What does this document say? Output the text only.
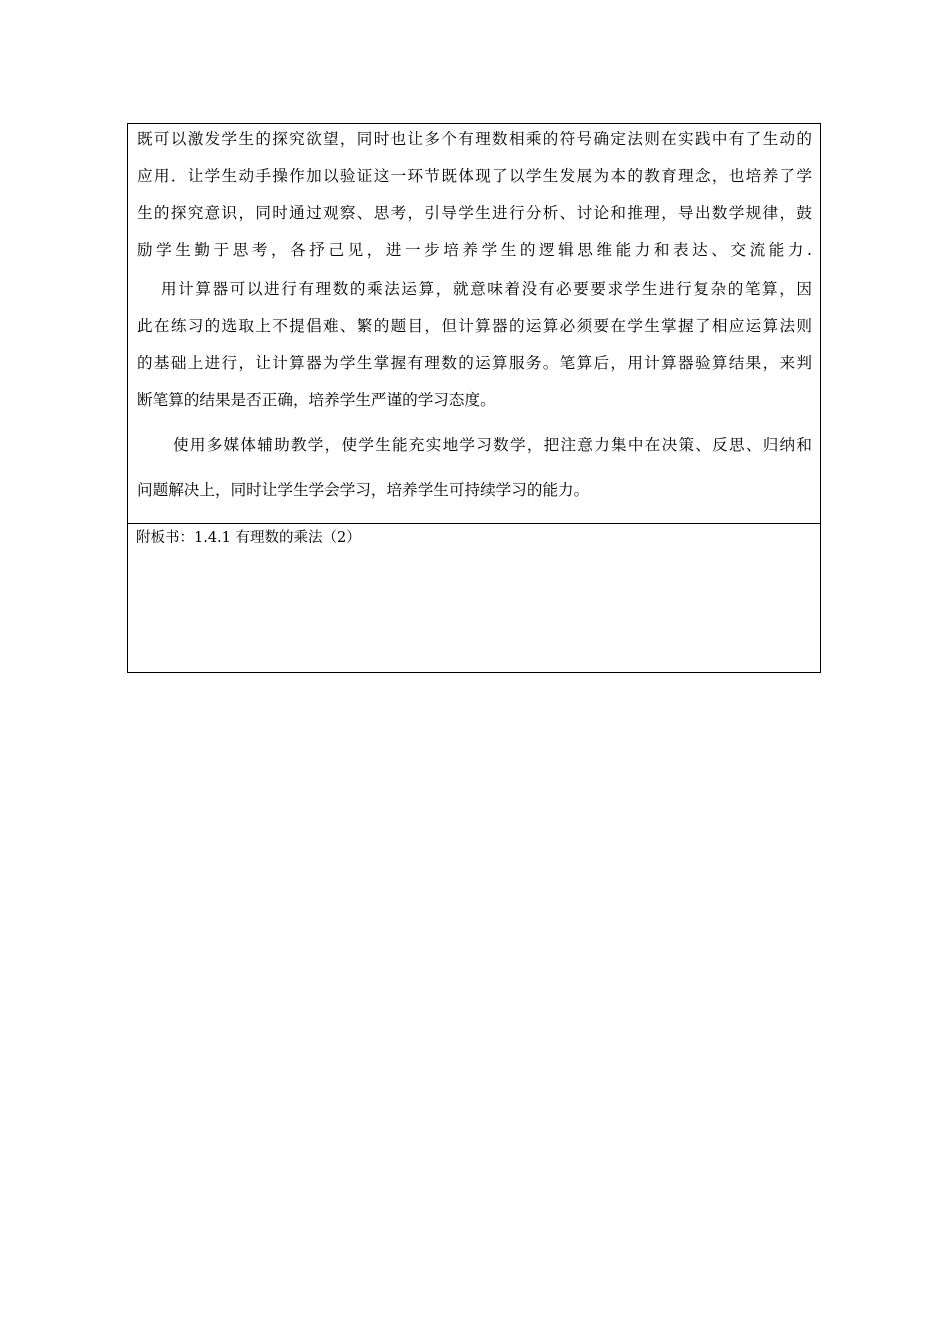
既可以激发学生的探究欲望，同时也让多个有理数相乘的符号确定法则在实践中有了生动的
应用．让学生动手操作加以验证这一环节既体现了以学生发展为本的教育理念，也培养了学
生的探究意识，同时通过观察、思考，引导学生进行分析、讨论和推理，导出数学规律，鼓
励学生勤于思考，各抒己见，进一步培养学生的逻辑思维能力和表达、交流能力.
用计算器可以进行有理数的乘法运算，就意味着没有必要要求学生进行复杂的笔算，因
此在练习的选取上不提倡难、繁的题目，但计算器的运算必须要在学生掌握了相应运算法则
的基础上进行，让计算器为学生掌握有理数的运算服务。笔算后，用计算器验算结果，来判
断笔算的结果是否正确，培养学生严谨的学习态度。
使用多媒体辅助教学，使学生能充实地学习数学，把注意力集中在决策、反思、归纳和
问题解决上，同时让学生学会学习，培养学生可持续学习的能力。
附板书：1.4.1 有理数的乘法（2）
